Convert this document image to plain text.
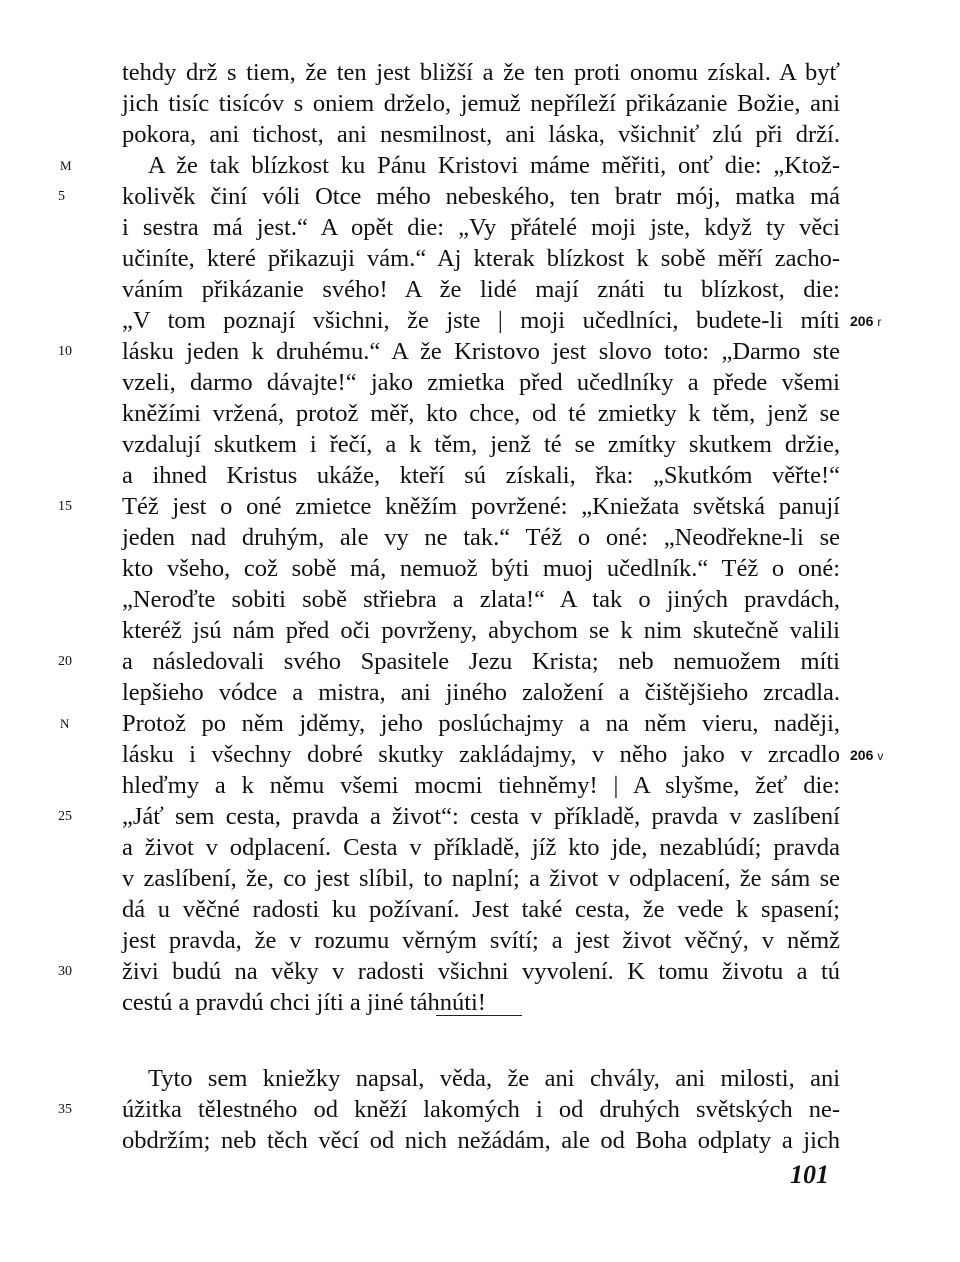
tehdy drž s tiem, že ten jest bližší a že ten proti onomu získal. A byť
jich tisíc tisícóv s oniem drželo, jemuž nepříleží přikázanie Božie, ani
pokora, ani tichost, ani nesmilnost, ani láska, všichniť zlú při drží.
A že tak blízkost ku Pánu Kristovi máme měřiti, onť die: „Ktož-
kolivěk činí vóli Otce mého nebeského, ten bratr mój, matka má
i sestra má jest.“ A opět die: „Vy přátelé moji jste, když ty věci
učiníte, které přikazuji vám.“ Aj kterak blízkost k sobě měří zacho-
váním přikázanie svého! A že lidé mají znáti tu blízkost, die:
„V tom poznají všichni, že jste | moji učedlníci, budete-li míti
lásku jeden k druhému.“ A že Kristovo jest slovo toto: „Darmo ste
vzeli, darmo dávajte!“ jako zmietka před učedlníky a přede všemi
kněžími vržená, protož měř, kto chce, od té zmietky k těm, jenž se
vzdalují skutkem i řečí, a k těm, jenž té se zmítky skutkem držie,
a ihned Kristus ukáže, kteří sú získali, řka: „Skutkóm věřte!“
Též jest o oné zmietce kněžím povržené: „Kniežata světská panují
jeden nad druhým, ale vy ne tak.“ Též o oné: „Neodřekne-li se
kto všeho, což sobě má, nemuož býti muoj učedlník.“ Též o oné:
„Neroďte sobiti sobě střiebra a zlata!“ A tak o jiných pravdách,
kteréž jsú nám před oči povrženy, abychom se k nim skutečně valili
a následovali svého Spasitele Jezu Krista; neb nemuožem míti
lepšieho vódce a mistra, ani jiného založení a čištějšieho zrcadla.
Protož po něm jděmy, jeho poslúchajmy a na něm vieru, naději,
lásku i všechny dobré skutky zakládajmy, v něho jako v zrcadlo
hleďmy a k němu všemi mocmi tiehněmy! | A slyšme, žeť die:
„Jáť sem cesta, pravda a život“: cesta v příkladě, pravda v zaslíbení
a život v odplacení. Cesta v příkladě, jíž kto jde, nezablúdí; pravda
v zaslíbení, že, co jest slíbil, to naplní; a život v odplacení, že sám se
dá u věčné radosti ku požívaní. Jest také cesta, že vede k spasení;
jest pravda, že v rozumu věrným svítí; a jest život věčný, v němž
živi budú na věky v radosti všichni vyvolení. K tomu životu a tú
cestú a pravdú chci jíti a jiné táhnúti!
Tyto sem kniežky napsal, věda, že ani chvály, ani milosti, ani
úžitka tělestného od kněží lakomých i od druhých světských ne-
obdržím; neb těch věcí od nich nežádám, ale od Boha odplaty a jich
M
N
5
10
15
20
25
30
35
206 r
206 v
101
